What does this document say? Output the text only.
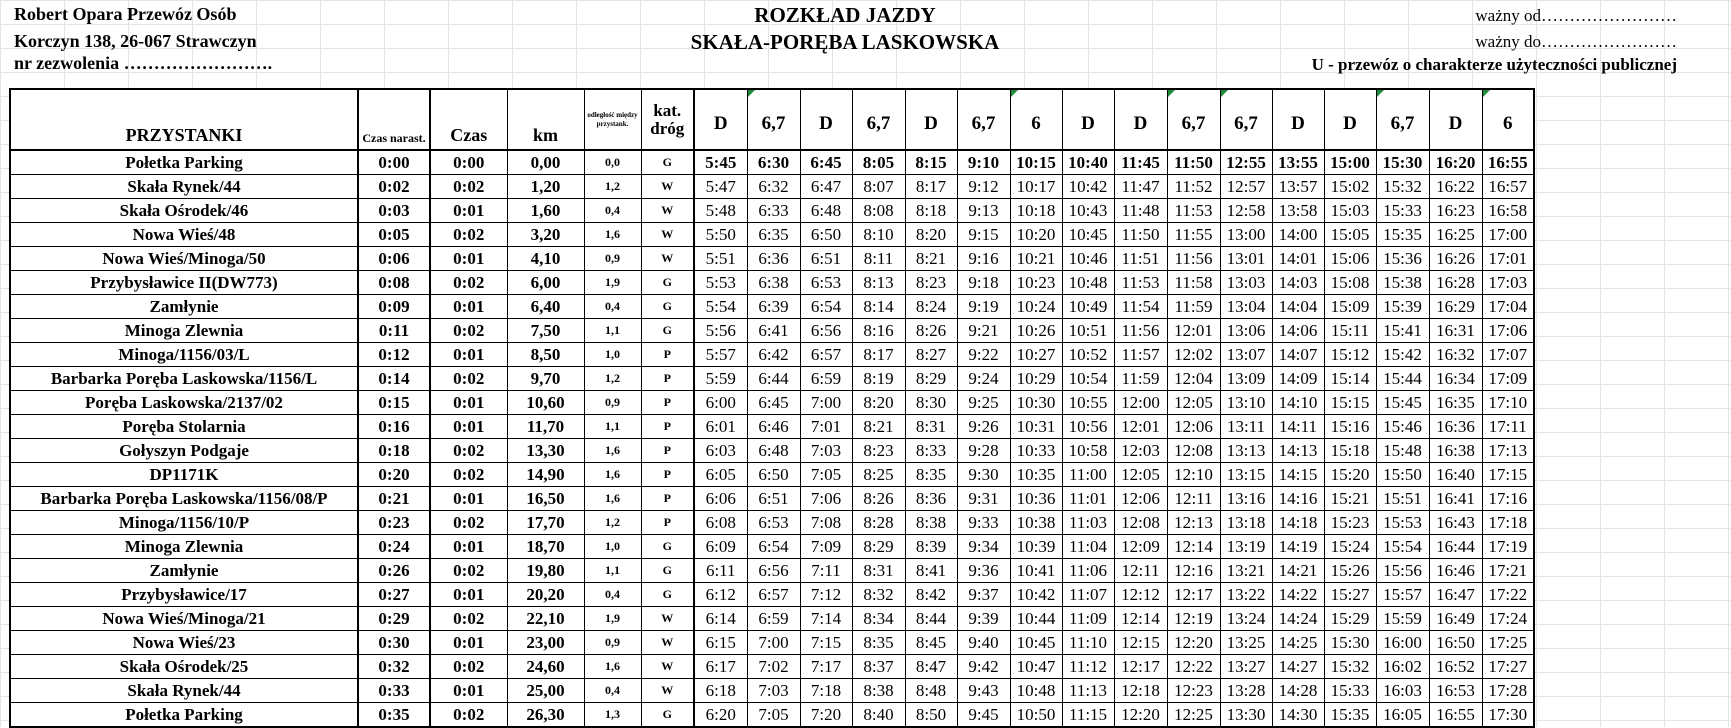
Robert Opara Przewóz Osób
Korczyn 138, 26-067 Strawczyn
nr zezwolenia …………………….
ROZKŁAD JAZDY
SKAŁA-PORĘBA LASKOWSKA
ważny od……………………
ważny do……………………
U - przewóz o charakterze użyteczności publicznej
PRZYSTANKI	Czas narast.	Czas	km	odległość między przystank.	kat.
dróg	D	6,7	D	6,7	D	6,7	6	D	D	6,7	6,7	D	D	6,7	D	6
Połetka Parking	0:00	0:00	0,00	0,0	G	5:45	6:30	6:45	8:05	8:15	9:10	10:15	10:40	11:45	11:50	12:55	13:55	15:00	15:30	16:20	16:55
Skała Rynek/44	0:02	0:02	1,20	1,2	W	5:47	6:32	6:47	8:07	8:17	9:12	10:17	10:42	11:47	11:52	12:57	13:57	15:02	15:32	16:22	16:57
Skała Ośrodek/46	0:03	0:01	1,60	0,4	W	5:48	6:33	6:48	8:08	8:18	9:13	10:18	10:43	11:48	11:53	12:58	13:58	15:03	15:33	16:23	16:58
Nowa Wieś/48	0:05	0:02	3,20	1,6	W	5:50	6:35	6:50	8:10	8:20	9:15	10:20	10:45	11:50	11:55	13:00	14:00	15:05	15:35	16:25	17:00
Nowa Wieś/Minoga/50	0:06	0:01	4,10	0,9	W	5:51	6:36	6:51	8:11	8:21	9:16	10:21	10:46	11:51	11:56	13:01	14:01	15:06	15:36	16:26	17:01
Przybysławice II(DW773)	0:08	0:02	6,00	1,9	G	5:53	6:38	6:53	8:13	8:23	9:18	10:23	10:48	11:53	11:58	13:03	14:03	15:08	15:38	16:28	17:03
Zamłynie	0:09	0:01	6,40	0,4	G	5:54	6:39	6:54	8:14	8:24	9:19	10:24	10:49	11:54	11:59	13:04	14:04	15:09	15:39	16:29	17:04
Minoga Zlewnia	0:11	0:02	7,50	1,1	G	5:56	6:41	6:56	8:16	8:26	9:21	10:26	10:51	11:56	12:01	13:06	14:06	15:11	15:41	16:31	17:06
Minoga/1156/03/L	0:12	0:01	8,50	1,0	P	5:57	6:42	6:57	8:17	8:27	9:22	10:27	10:52	11:57	12:02	13:07	14:07	15:12	15:42	16:32	17:07
Barbarka Poręba Laskowska/1156/L	0:14	0:02	9,70	1,2	P	5:59	6:44	6:59	8:19	8:29	9:24	10:29	10:54	11:59	12:04	13:09	14:09	15:14	15:44	16:34	17:09
Poręba Laskowska/2137/02	0:15	0:01	10,60	0,9	P	6:00	6:45	7:00	8:20	8:30	9:25	10:30	10:55	12:00	12:05	13:10	14:10	15:15	15:45	16:35	17:10
Poręba Stolarnia	0:16	0:01	11,70	1,1	P	6:01	6:46	7:01	8:21	8:31	9:26	10:31	10:56	12:01	12:06	13:11	14:11	15:16	15:46	16:36	17:11
Gołyszyn Podgaje	0:18	0:02	13,30	1,6	P	6:03	6:48	7:03	8:23	8:33	9:28	10:33	10:58	12:03	12:08	13:13	14:13	15:18	15:48	16:38	17:13
DP1171K	0:20	0:02	14,90	1,6	P	6:05	6:50	7:05	8:25	8:35	9:30	10:35	11:00	12:05	12:10	13:15	14:15	15:20	15:50	16:40	17:15
Barbarka Poręba Laskowska/1156/08/P	0:21	0:01	16,50	1,6	P	6:06	6:51	7:06	8:26	8:36	9:31	10:36	11:01	12:06	12:11	13:16	14:16	15:21	15:51	16:41	17:16
Minoga/1156/10/P	0:23	0:02	17,70	1,2	P	6:08	6:53	7:08	8:28	8:38	9:33	10:38	11:03	12:08	12:13	13:18	14:18	15:23	15:53	16:43	17:18
Minoga Zlewnia	0:24	0:01	18,70	1,0	G	6:09	6:54	7:09	8:29	8:39	9:34	10:39	11:04	12:09	12:14	13:19	14:19	15:24	15:54	16:44	17:19
Zamłynie	0:26	0:02	19,80	1,1	G	6:11	6:56	7:11	8:31	8:41	9:36	10:41	11:06	12:11	12:16	13:21	14:21	15:26	15:56	16:46	17:21
Przybysławice/17	0:27	0:01	20,20	0,4	G	6:12	6:57	7:12	8:32	8:42	9:37	10:42	11:07	12:12	12:17	13:22	14:22	15:27	15:57	16:47	17:22
Nowa Wieś/Minoga/21	0:29	0:02	22,10	1,9	W	6:14	6:59	7:14	8:34	8:44	9:39	10:44	11:09	12:14	12:19	13:24	14:24	15:29	15:59	16:49	17:24
Nowa Wieś/23	0:30	0:01	23,00	0,9	W	6:15	7:00	7:15	8:35	8:45	9:40	10:45	11:10	12:15	12:20	13:25	14:25	15:30	16:00	16:50	17:25
Skała Ośrodek/25	0:32	0:02	24,60	1,6	W	6:17	7:02	7:17	8:37	8:47	9:42	10:47	11:12	12:17	12:22	13:27	14:27	15:32	16:02	16:52	17:27
Skała Rynek/44	0:33	0:01	25,00	0,4	W	6:18	7:03	7:18	8:38	8:48	9:43	10:48	11:13	12:18	12:23	13:28	14:28	15:33	16:03	16:53	17:28
Połetka Parking	0:35	0:02	26,30	1,3	G	6:20	7:05	7:20	8:40	8:50	9:45	10:50	11:15	12:20	12:25	13:30	14:30	15:35	16:05	16:55	17:30
